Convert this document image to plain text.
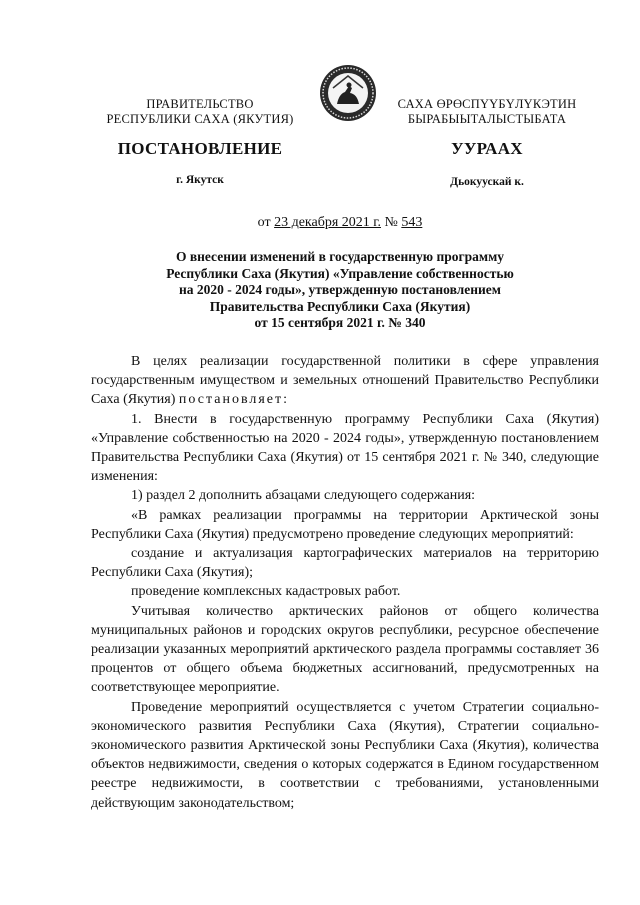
ПРАВИТЕЛЬСТВО
РЕСПУБЛИКИ САХА (ЯКУТИЯ)
САХА ӨРӨСПҮҮБҮЛҮКЭТИН
БЫРАБЫЫТАЛЫСТЫБАТА
ПОСТАНОВЛЕНИЕ	УУРААХ
г. Якутск	Дьокуускай к.
от 23 декабря 2021 г. № 543
О внесении изменений в государственную программу
Республики Саха (Якутия) «Управление собственностью
на 2020 - 2024 годы», утвержденную постановлением
Правительства Республики Саха (Якутия)
от 15 сентября 2021 г. № 340

В целях реализации государственной политики в сфере управления государственным имуществом и земельных отношений Правительство Республики Саха (Якутия) постановляет:

1. Внести в государственную программу Республики Саха (Якутия) «Управление собственностью на 2020 - 2024 годы», утвержденную постановлением Правительства Республики Саха (Якутия) от 15 сентября 2021 г. № 340, следующие изменения:

1) раздел 2 дополнить абзацами следующего содержания:

«В рамках реализации программы на территории Арктической зоны Республики Саха (Якутия) предусмотрено проведение следующих мероприятий:

создание и актуализация картографических материалов на территорию Республики Саха (Якутия);

проведение комплексных кадастровых работ.

Учитывая количество арктических районов от общего количества муниципальных районов и городских округов республики, ресурсное обеспечение реализации указанных мероприятий арктического раздела программы составляет 36 процентов от общего объема бюджетных ассигнований, предусмотренных на соответствующее мероприятие.

Проведение мероприятий осуществляется с учетом Стратегии социально-экономического развития Республики Саха (Якутия), Стратегии социально-экономического развития Арктической зоны Республики Саха (Якутия), количества объектов недвижимости, сведения о которых содержатся в Едином государственном реестре недвижимости, в соответствии с требованиями, установленными действующим законодательством;
